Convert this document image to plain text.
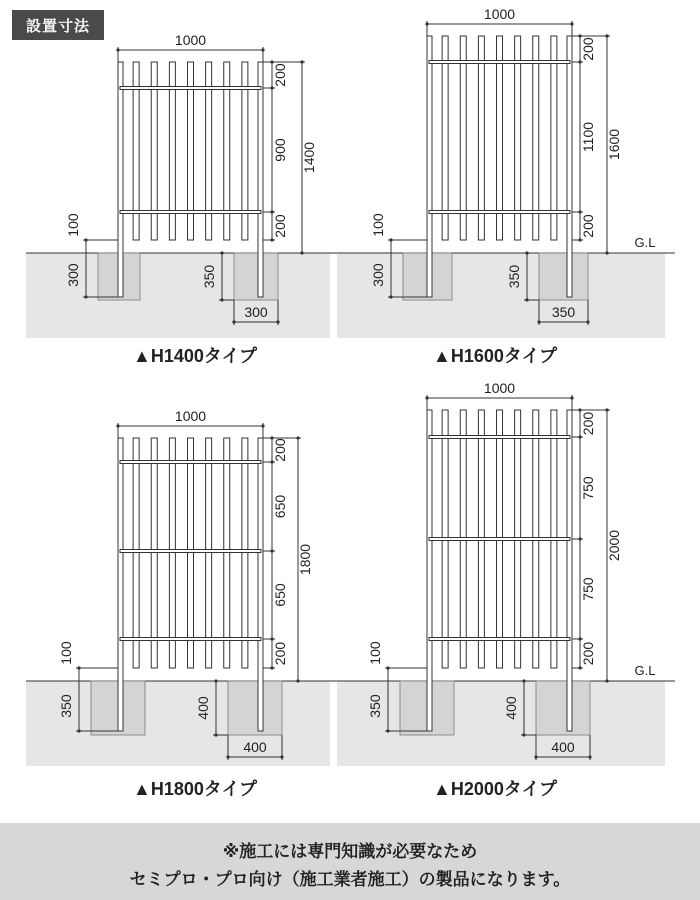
設置寸法
1000
200
900
200
1400
100
300	350
300
▲H1400タイプ
G.L
1000
200
1100
200
1600
100
300	350
350
▲H1600タイプ
1000
200
650
650
200
1800
100
350	400
400
▲H1800タイプ
G.L
1000
200
750
750
200
2000
100
350	400
400
▲H2000タイプ
※施工には専門知識が必要なため
セミプロ・プロ向け（施工業者施工）の製品になります。
